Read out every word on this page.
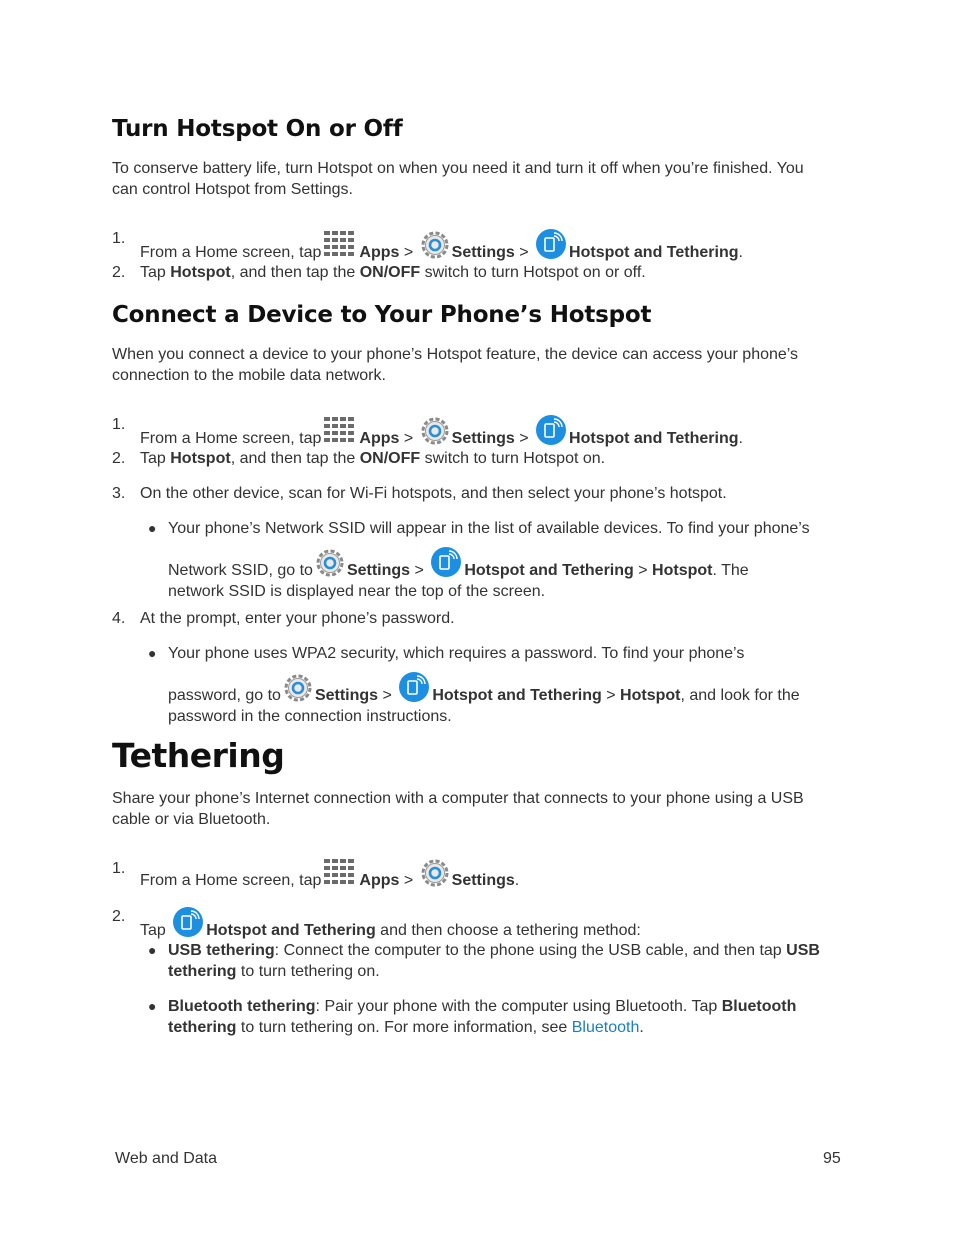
Turn Hotspot On or Off
To conserve battery life, turn Hotspot on when you need it and turn it off when you’re finished. You can control Hotspot from Settings.
1.
From a Home screen, tap Apps > Settings >	Hotspot and Tethering.
2. Tap Hotspot, and then tap the ON/OFF switch to turn Hotspot on or off.
Connect a Device to Your Phone’s Hotspot
When you connect a device to your phone’s Hotspot feature, the device can access your phone’s connection to the mobile data network.
1.
From a Home screen, tap Apps > Settings >	Hotspot and Tethering.
2. Tap Hotspot, and then tap the ON/OFF switch to turn Hotspot on.
3. On the other device, scan for Wi-Fi hotspots, and then select your phone’s hotspot.
● Your phone’s Network SSID will appear in the list of available devices. To find your phone’s

Network SSID, go to Settings >	Hotspot and Tethering > Hotspot. The
network SSID is displayed near the top of the screen.
4. At the prompt, enter your phone’s password.
● Your phone uses WPA2 security, which requires a password. To find your phone’s

password, go to Settings >	Hotspot and Tethering > Hotspot, and look for the
password in the connection instructions.
Tethering
Share your phone’s Internet connection with a computer that connects to your phone using a USB cable or via Bluetooth.
1.
From a Home screen, tap Apps > Settings.
2.
Tap	Hotspot and Tethering and then choose a tethering method:
● USB tethering: Connect the computer to the phone using the USB cable, and then tap USB tethering to turn tethering on.
● Bluetooth tethering: Pair your phone with the computer using Bluetooth. Tap Bluetooth tethering to turn tethering on. For more information, see Bluetooth.
Web and Data	95
